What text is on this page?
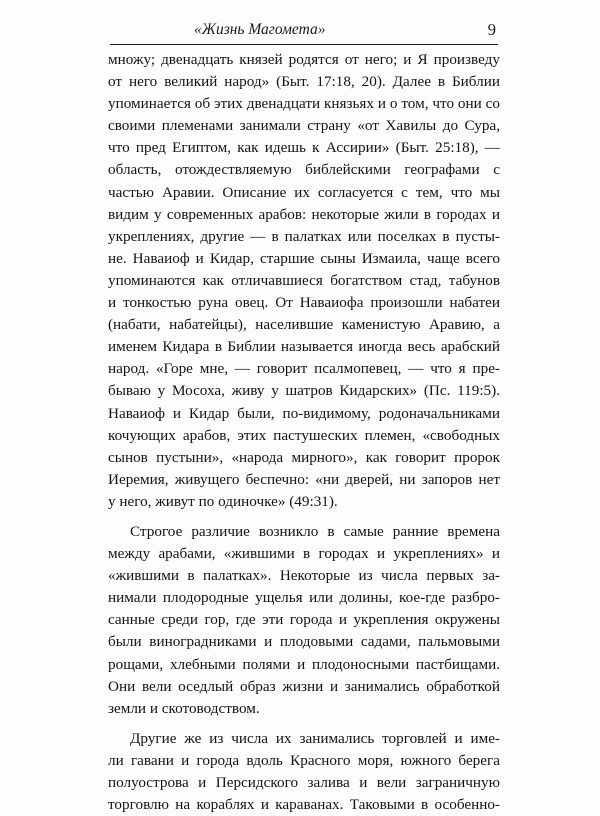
«Жизнь Магомета»	9

множу; двенадцать князей родятся от него; и Я произведу
от него великий народ» (Быт. 17:18, 20). Далее в Библии
упоминается об этих двенадцати князьях и о том, что они со
своими племенами занимали страну «от Хавилы до Сура,
что пред Египтом, как идешь к Ассирии» (Быт. 25:18), —
область, отождествляемую библейскими географами с
частью Аравии. Описание их согласуется с тем, что мы
видим у современных арабов: некоторые жили в городах и
укреплениях, другие — в палатках или поселках в пусты-
не. Наваиоф и Кидар, старшие сыны Измаила, чаще всего
упоминаются как отличавшиеся богатством стад, табунов
и тонкостью руна овец. От Наваиофа произошли набатеи
(набати, набатейцы), населившие каменистую Аравию, а
именем Кидара в Библии называется иногда весь арабский
народ. «Горе мне, — говорит псалмопевец, — что я пре-
бываю у Мосоха, живу у шатров Кидарских» (Пс. 119:5).
Наваиоф и Кидар были, по-видимому, родоначальниками
кочующих арабов, этих пастушеских племен, «свободных
сынов пустыни», «народа мирного», как говорит пророк
Иеремия, живущего беспечно: «ни дверей, ни запоров нет
у него, живут по одиночке» (49:31).

Строгое различие возникло в самые ранние времена
между арабами, «жившими в городах и укреплениях» и
«жившими в палатках». Некоторые из числа первых за-
нимали плодородные ущелья или долины, кое-где разбро-
санные среди гор, где эти города и укрепления окружены
были виноградниками и плодовыми садами, пальмовыми
рощами, хлебными полями и плодоносными пастбищами.
Они вели оседлый образ жизни и занимались обработкой
земли и скотоводством.

Другие же из числа их занимались торговлей и име-
ли гавани и города вдоль Красного моря, южного берега
полуострова и Персидского залива и вели заграничную
торговлю на кораблях и караванах. Таковыми в особенно-
